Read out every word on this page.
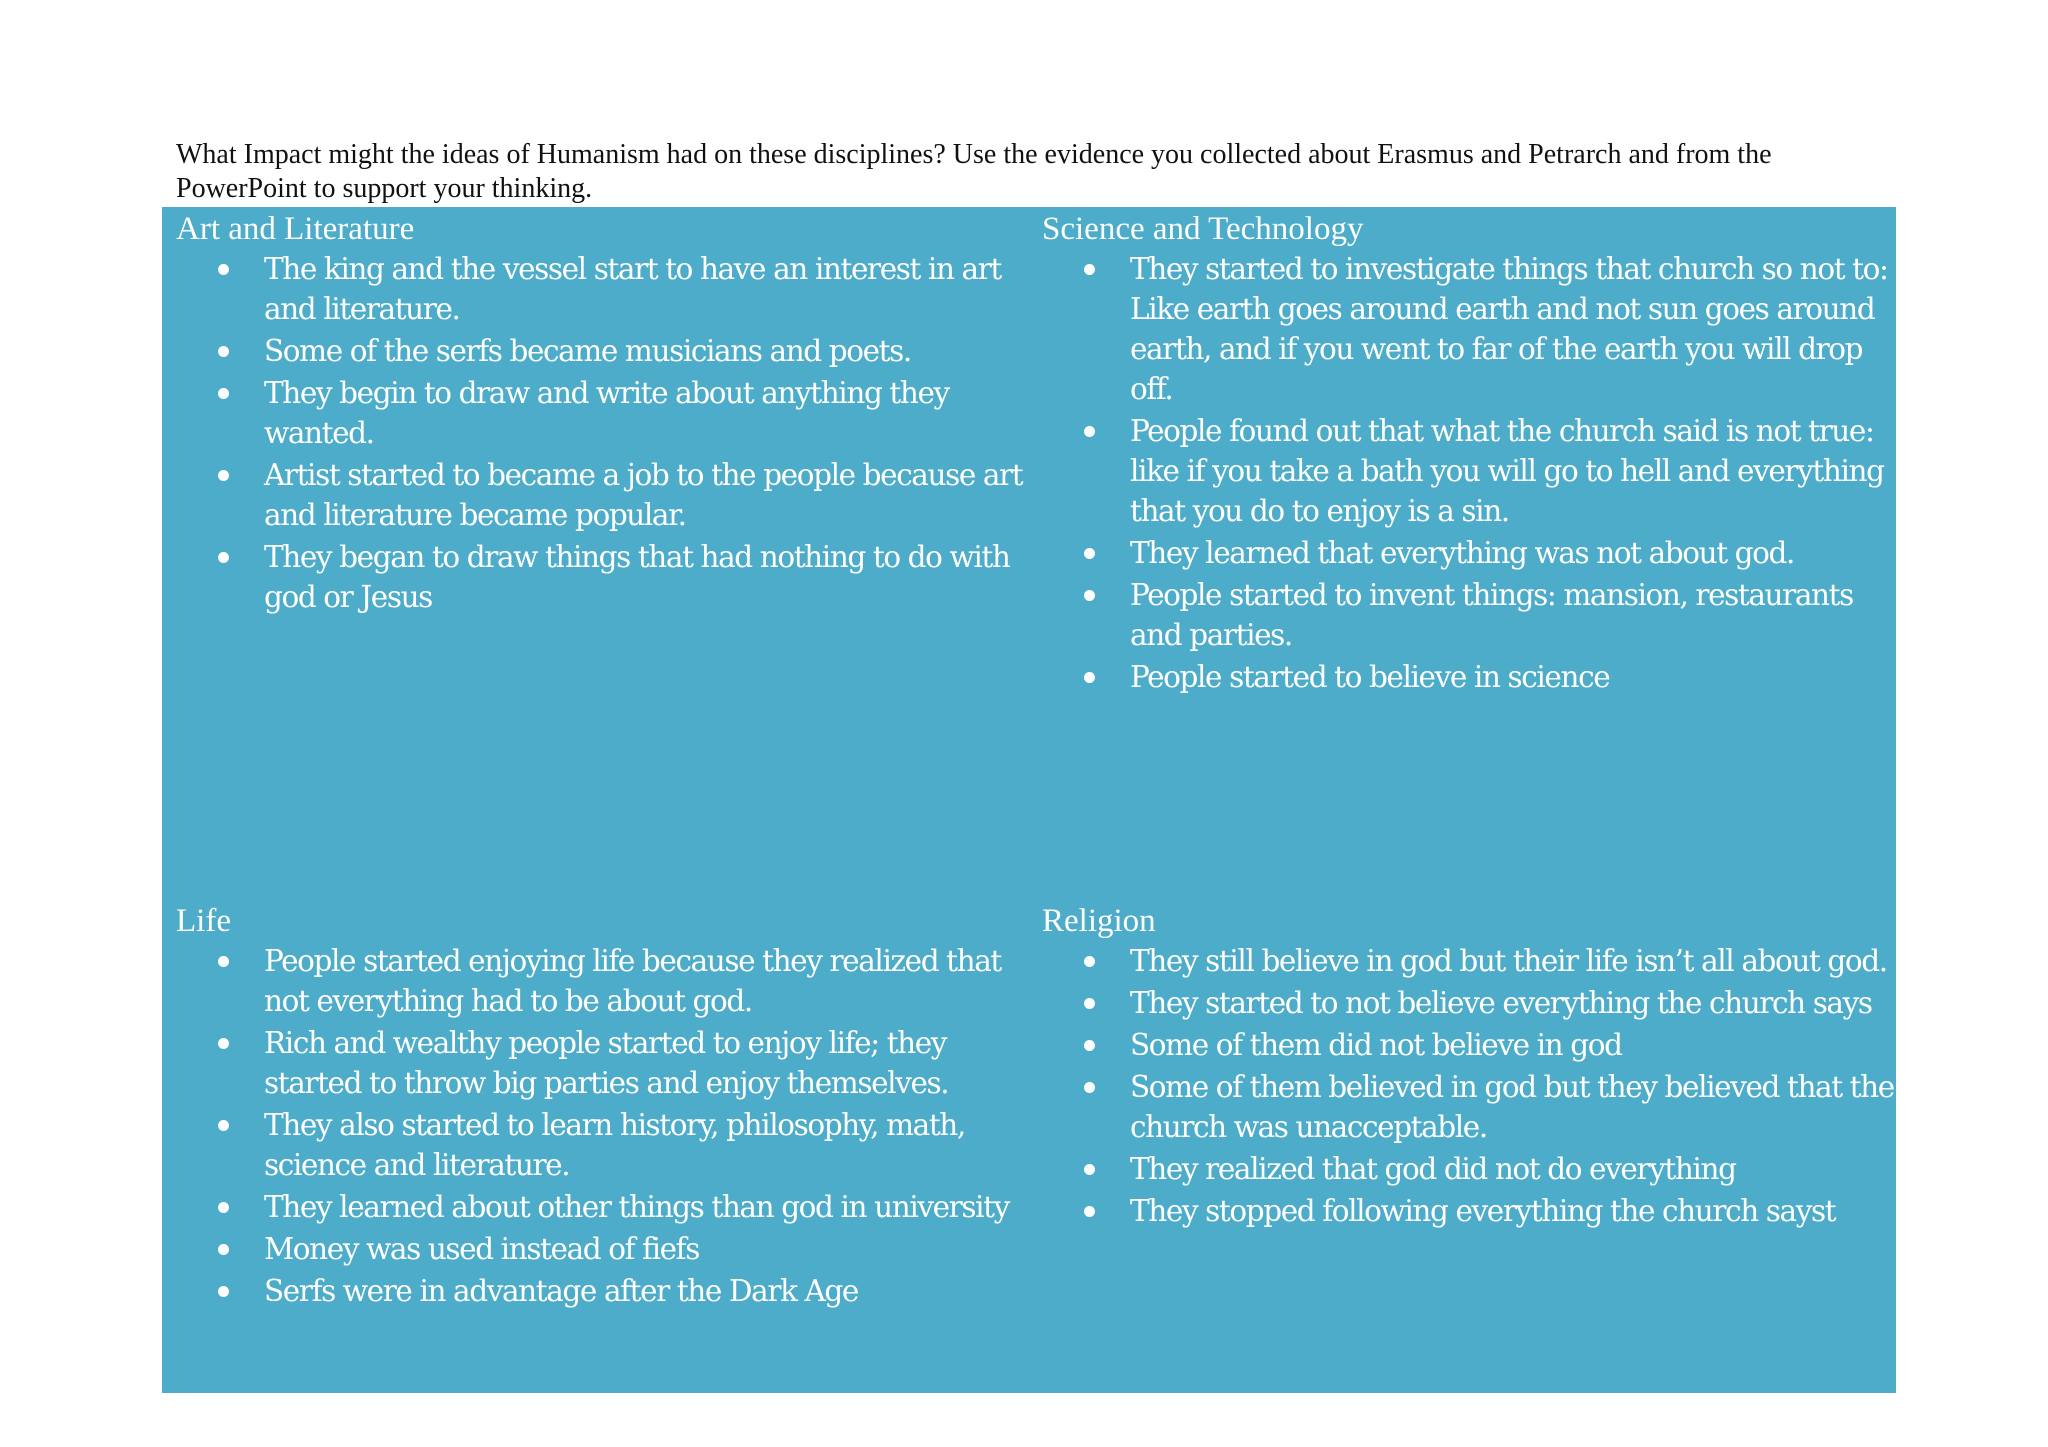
What Impact might the ideas of Humanism had on these disciplines? Use the evidence you collected about Erasmus and Petrarch and from the PowerPoint to support your thinking.

Art and Literature
The king and the vessel start to have an interest in art and literature.
Some of the serfs became musicians and poets.
They begin to draw and write about anything they wanted.
Artist started to became a job to the people because art and literature became popular.
They began to draw things that had nothing to do with god or Jesus
Science and Technology
They started to investigate things that church so not to: Like earth goes around earth and not sun goes around earth, and if you went to far of the earth you will drop off.
People found out that what the church said is not true: like if you take a bath you will go to hell and everything that you do to enjoy is a sin.
They learned that everything was not about god.
People started to invent things: mansion, restaurants and parties.
People started to believe in science
Life
People started enjoying life because they realized that not everything had to be about god.
Rich and wealthy people started to enjoy life; they started to throw big parties and enjoy themselves.
They also started to learn history, philosophy, math, science and literature.
They learned about other things than god in university
Money was used instead of fiefs
Serfs were in advantage after the Dark Age
Religion
They still believe in god but their life isn’t all about god.
They started to not believe everything the church says
Some of them did not believe in god
Some of them believed in god but they believed that the church was unacceptable.
They realized that god did not do everything
They stopped following everything the church sayst
